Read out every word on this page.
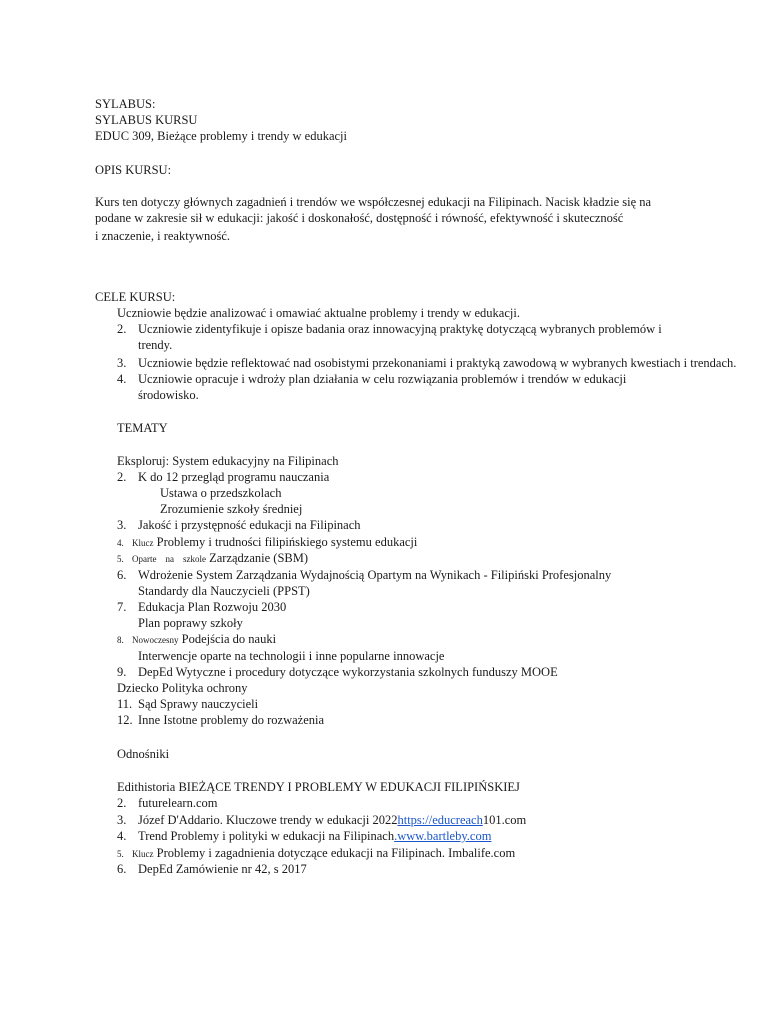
SYLABUS:
SYLABUS KURSU
EDUC 309, Bieżące problemy i trendy w edukacji
OPIS KURSU:
Kurs ten dotyczy głównych zagadnień i trendów we współczesnej edukacji na Filipinach. Nacisk kładzie się na
podane w zakresie sił w edukacji: jakość i doskonałość, dostępność i równość, efektywność i skuteczność
i znaczenie, i reaktywność.
CELE KURSU:
Uczniowie będzie analizować i omawiać aktualne problemy i trendy w edukacji.
2. Uczniowie zidentyfikuje i opisze badania oraz innowacyjną praktykę dotyczącą wybranych problemów i
trendy.
3. Uczniowie będzie reflektować nad osobistymi przekonaniami i praktyką zawodową w wybranych kwestiach i trendach.
4. Uczniowie opracuje i wdroży plan działania w celu rozwiązania problemów i trendów w edukacji
środowisko.
TEMATY
Eksploruj: System edukacyjny na Filipinach
2. K do 12 przegląd programu nauczania
Ustawa o przedszkolach
Zrozumienie szkoły średniej
3. Jakość i przystępność edukacji na Filipinach
4. Klucz Problemy i trudności filipińskiego systemu edukacji
5. Oparte    na    szkole Zarządzanie (SBM)
6. Wdrożenie System Zarządzania Wydajnością Opartym na Wynikach - Filipiński Profesjonalny
Standardy dla Nauczycieli (PPST)
7. Edukacja Plan Rozwoju 2030
Plan poprawy szkoły
8. Nowoczesny Podejścia do nauki
Interwencje oparte na technologii i inne popularne innowacje
9. DepEd Wytyczne i procedury dotyczące wykorzystania szkolnych funduszy MOOE
Dziecko Polityka ochrony
11. Sąd Sprawy nauczycieli
12. Inne Istotne problemy do rozważenia
Odnośniki
Edithistoria BIEŻĄCE TRENDY I PROBLEMY W EDUKACJI FILIPIŃSKIEJ
2. futurelearn.com
3. Józef D'Addario. Kluczowe trendy w edukacji 2022https://educreach101.com
4. Trend Problemy i polityki w edukacji na Filipinach.www.bartleby.com
5. Klucz Problemy i zagadnienia dotyczące edukacji na Filipinach. Imbalife.com
6. DepEd Zamówienie nr 42, s 2017
